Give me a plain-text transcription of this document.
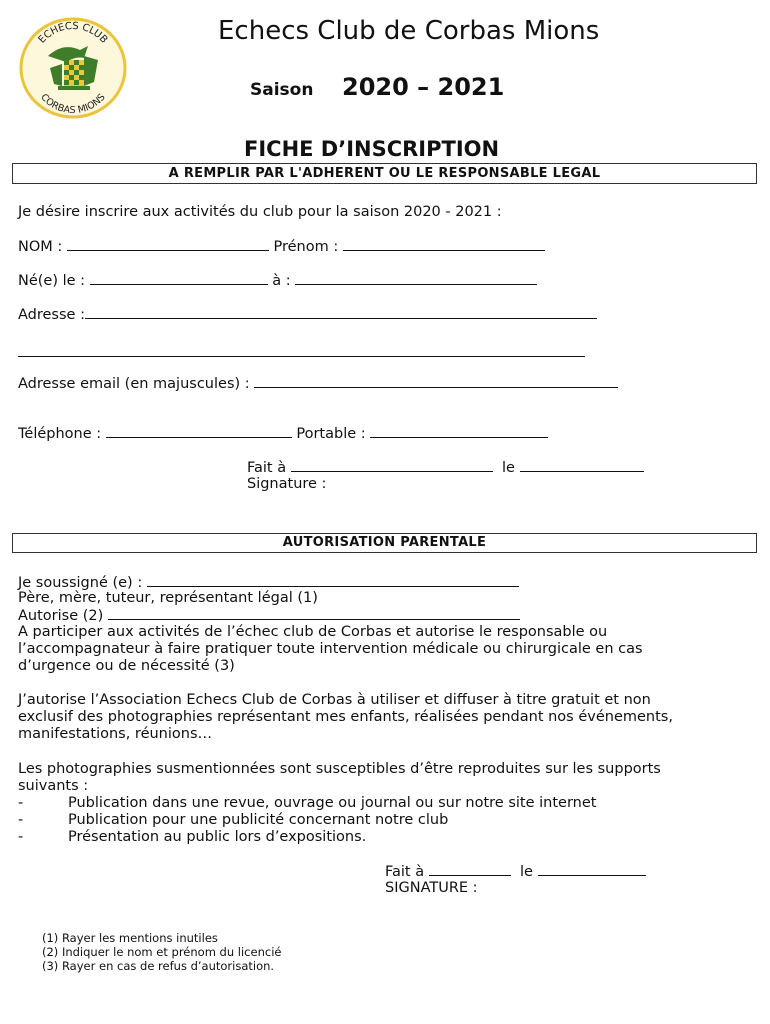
ECHECS CLUB
CORBAS MIONS
Echecs Club de Corbas Mions
Saison 2020 – 2021
FICHE D’INSCRIPTION
A REMPLIR PAR L'ADHERENT OU LE RESPONSABLE LEGAL
Je désire inscrire aux activités du club pour la saison 2020 - 2021 :
NOM :	Prénom :
Né(e) le :	à :
Adresse :
Adresse email (en majuscules) :
Téléphone :	Portable :
Fait à	le
Signature :
AUTORISATION PARENTALE
Je soussigné (e) :
Père, mère, tuteur, représentant légal (1)
Autorise (2)
A participer aux activités de l’échec club de Corbas et autorise le responsable ou
l’accompagnateur à faire pratiquer toute intervention médicale ou chirurgicale en cas
d’urgence ou de nécessité (3)
J’autorise l’Association Echecs Club de Corbas à utiliser et diffuser à titre gratuit et non
exclusif des photographies représentant mes enfants, réalisées pendant nos événements,
manifestations, réunions…
Les photographies susmentionnées sont susceptibles d’être reproduites sur les supports
suivants :
-	Publication dans une revue, ouvrage ou journal ou sur notre site internet
-	Publication pour une publicité concernant notre club
-	Présentation au public lors d’expositions.
Fait à	le
SIGNATURE :
(1) Rayer les mentions inutiles
(2) Indiquer le nom et prénom du licencié
(3) Rayer en cas de refus d’autorisation.
